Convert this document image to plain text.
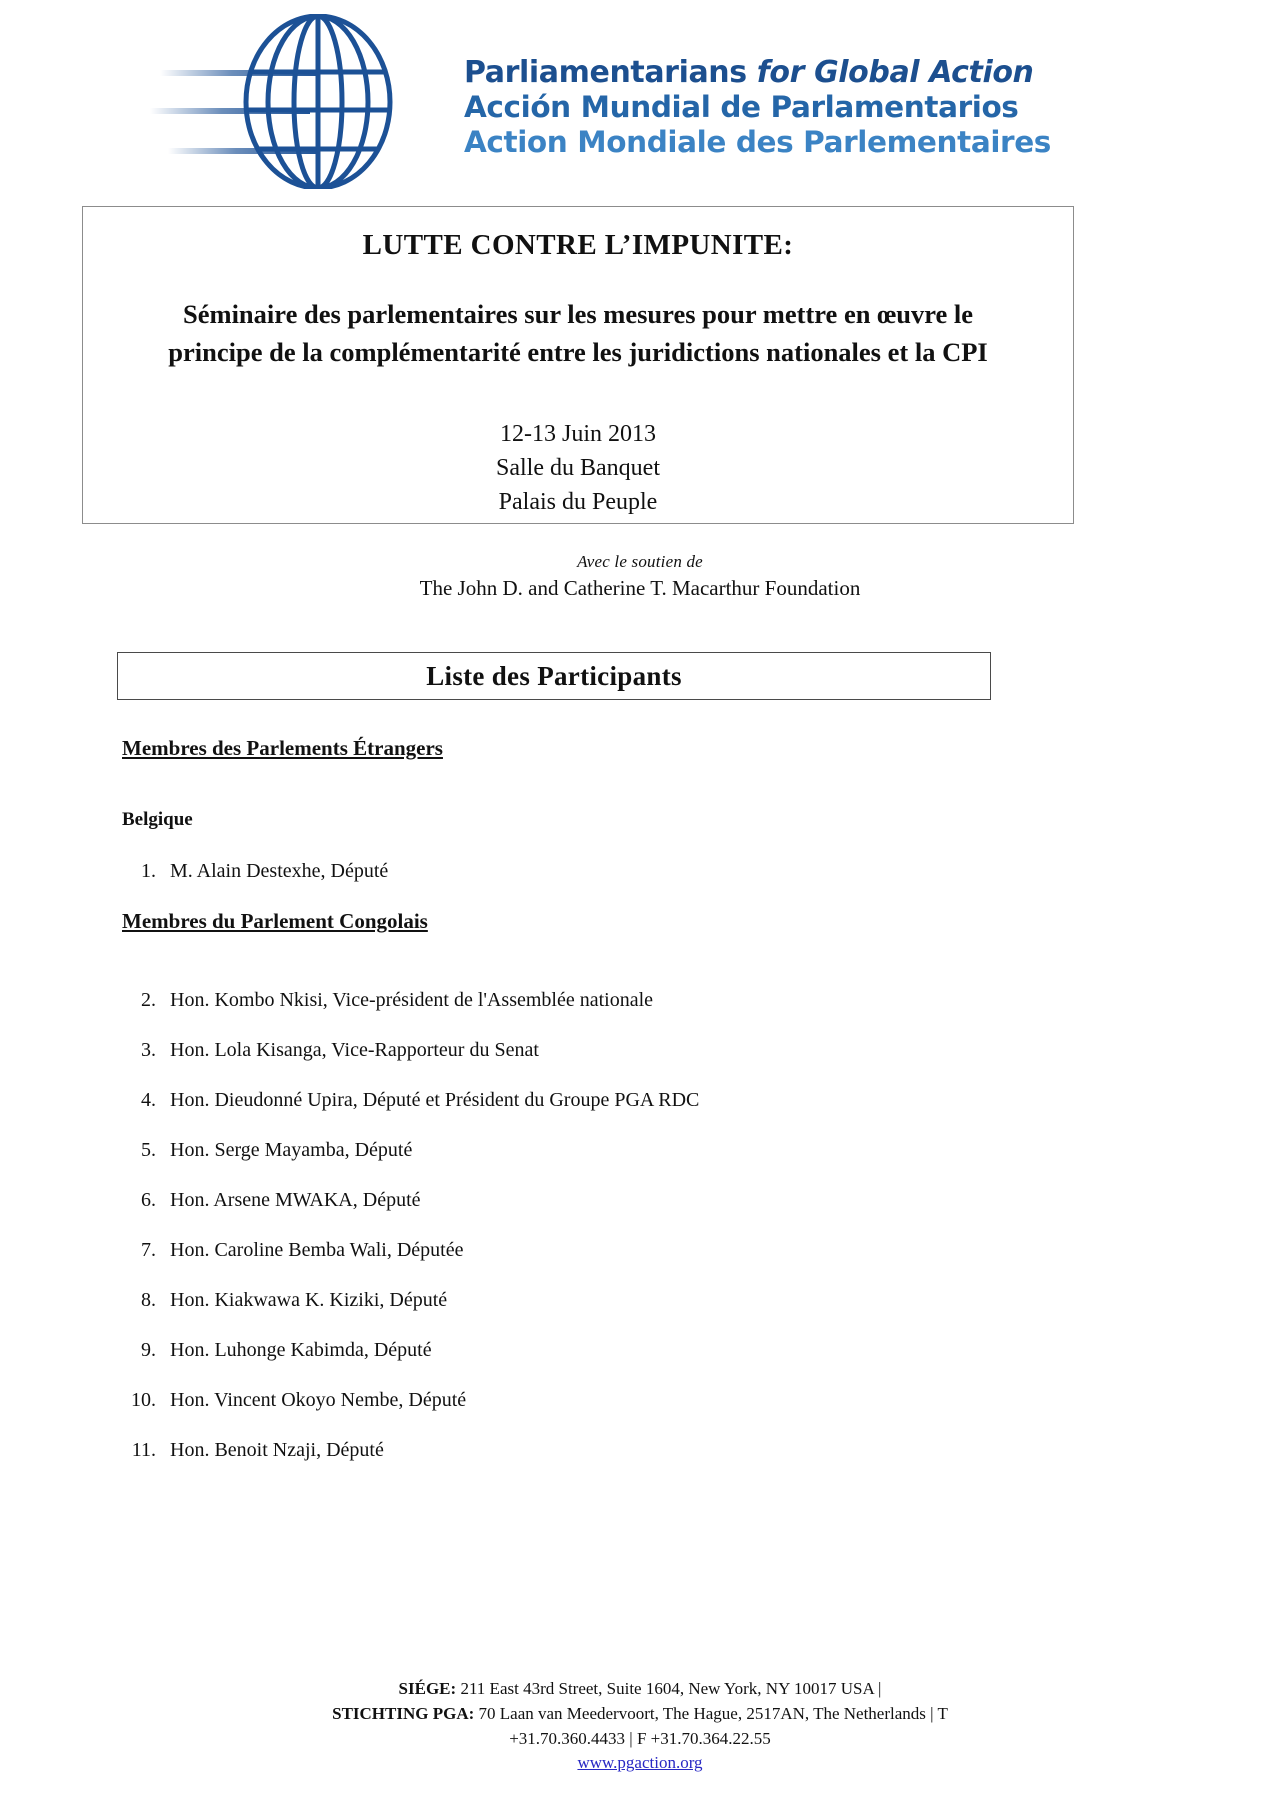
Parliamentarians for Global Action
Acción Mundial de Parlamentarios
Action Mondiale des Parlementaires
LUTTE CONTRE L’IMPUNITE:
Séminaire des parlementaires sur les mesures pour mettre en œuvre le
principe de la complémentarité entre les juridictions nationales et la CPI
12-13 Juin 2013
Salle du Banquet
Palais du Peuple
Avec le soutien de
The John D. and Catherine T. Macarthur Foundation
Liste des Participants
Membres des Parlements Étrangers
Belgique
1. M. Alain Destexhe, Député
Membres du Parlement Congolais
2. Hon. Kombo Nkisi, Vice-président de l'Assemblée nationale
3. Hon. Lola Kisanga, Vice-Rapporteur du Senat
4. Hon. Dieudonné Upira, Député et Président du Groupe PGA RDC
5. Hon. Serge Mayamba, Député
6. Hon. Arsene MWAKA, Député
7. Hon. Caroline Bemba Wali, Députée
8. Hon. Kiakwawa K. Kiziki, Député
9. Hon. Luhonge Kabimda, Député
10. Hon. Vincent Okoyo Nembe, Député
11. Hon. Benoit Nzaji, Député
SIÉGE: 211 East 43rd Street, Suite 1604, New York, NY 10017 USA |
STICHTING PGA: 70 Laan van Meedervoort, The Hague, 2517AN, The Netherlands | T
+31.70.360.4433 | F +31.70.364.22.55
www.pgaction.org
